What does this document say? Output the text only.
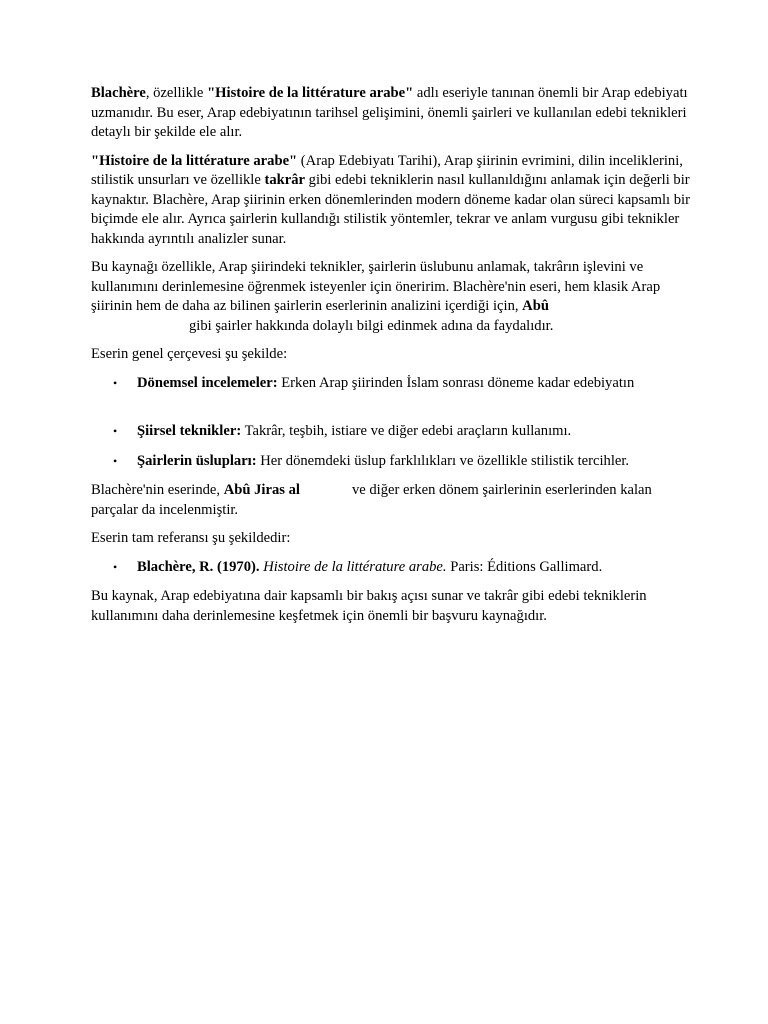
Blachère, özellikle "Histoire de la littérature arabe" adlı eseriyle tanınan önemli bir Arap edebiyatı uzmanıdır. Bu eser, Arap edebiyatının tarihsel gelişimini, önemli şairleri ve kullanılan edebi teknikleri detaylı bir şekilde ele alır.

"Histoire de la littérature arabe" (Arap Edebiyatı Tarihi), Arap şiirinin evrimini, dilin inceliklerini, stilistik unsurları ve özellikle takrâr gibi edebi tekniklerin nasıl kullanıldığını anlamak için değerli bir kaynaktır. Blachère, Arap şiirinin erken dönemlerinden modern döneme kadar olan süreci kapsamlı bir biçimde ele alır. Ayrıca şairlerin kullandığı stilistik yöntemler, tekrar ve anlam vurgusu gibi teknikler hakkında ayrıntılı analizler sunar.

Bu kaynağı özellikle, Arap şiirindeki teknikler, şairlerin üslubunu anlamak, takrârın işlevini ve kullanımını derinlemesine öğrenmek isteyenler için öneririm. Blachère'nin eseri, hem klasik Arap şiirinin hem de daha az bilinen şairlerin eserlerinin analizini içerdiği için, Abû
gibi şairler hakkında dolaylı bilgi edinmek adına da faydalıdır.

Eserin genel çerçevesi şu şekilde:

• Dönemsel incelemeler: Erken Arap şiirinden İslam sonrası döneme kadar edebiyatın
• Şiirsel teknikler: Takrâr, teşbih, istiare ve diğer edebi araçların kullanımı.
• Şairlerin üslupları: Her dönemdeki üslup farklılıkları ve özellikle stilistik tercihler.

Blachère'nin eserinde, Abû Jiras al	ve diğer erken dönem şairlerinin eserlerinden kalan parçalar da incelenmiştir.

Eserin tam referansı şu şekildedir:

• Blachère, R. (1970). Histoire de la littérature arabe. Paris: Éditions Gallimard.

Bu kaynak, Arap edebiyatına dair kapsamlı bir bakış açısı sunar ve takrâr gibi edebi tekniklerin kullanımını daha derinlemesine keşfetmek için önemli bir başvuru kaynağıdır.
